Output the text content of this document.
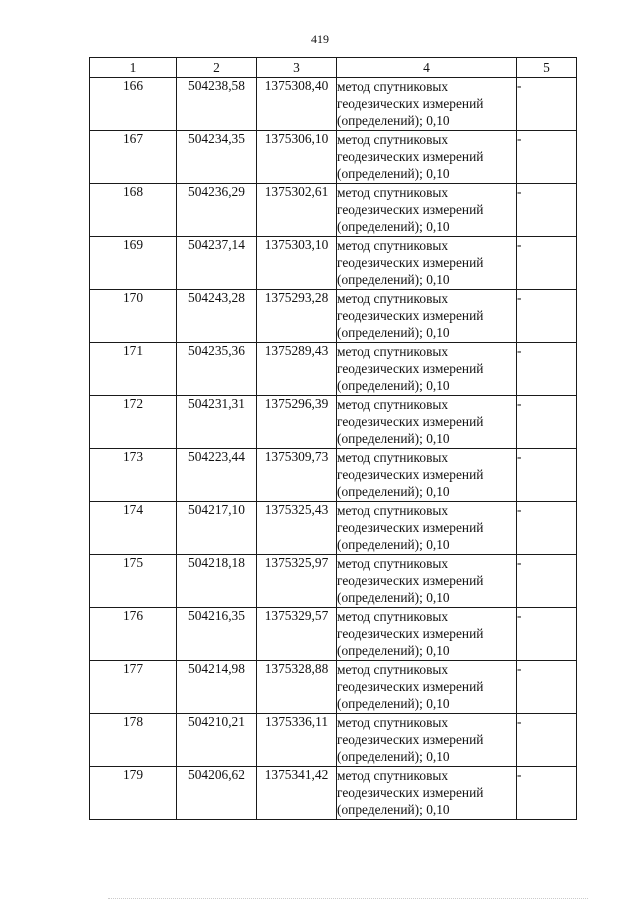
419
1	2	3	4	5
166	504238,58	1375308,40	метод спутниковых геодезических измерений (определений); 0,10	-
167	504234,35	1375306,10	метод спутниковых геодезических измерений (определений); 0,10	-
168	504236,29	1375302,61	метод спутниковых геодезических измерений (определений); 0,10	-
169	504237,14	1375303,10	метод спутниковых геодезических измерений (определений); 0,10	-
170	504243,28	1375293,28	метод спутниковых геодезических измерений (определений); 0,10	-
171	504235,36	1375289,43	метод спутниковых геодезических измерений (определений); 0,10	-
172	504231,31	1375296,39	метод спутниковых геодезических измерений (определений); 0,10	-
173	504223,44	1375309,73	метод спутниковых геодезических измерений (определений); 0,10	-
174	504217,10	1375325,43	метод спутниковых геодезических измерений (определений); 0,10	-
175	504218,18	1375325,97	метод спутниковых геодезических измерений (определений); 0,10	-
176	504216,35	1375329,57	метод спутниковых геодезических измерений (определений); 0,10	-
177	504214,98	1375328,88	метод спутниковых геодезических измерений (определений); 0,10	-
178	504210,21	1375336,11	метод спутниковых геодезических измерений (определений); 0,10	-
179	504206,62	1375341,42	метод спутниковых геодезических измерений (определений); 0,10	-
